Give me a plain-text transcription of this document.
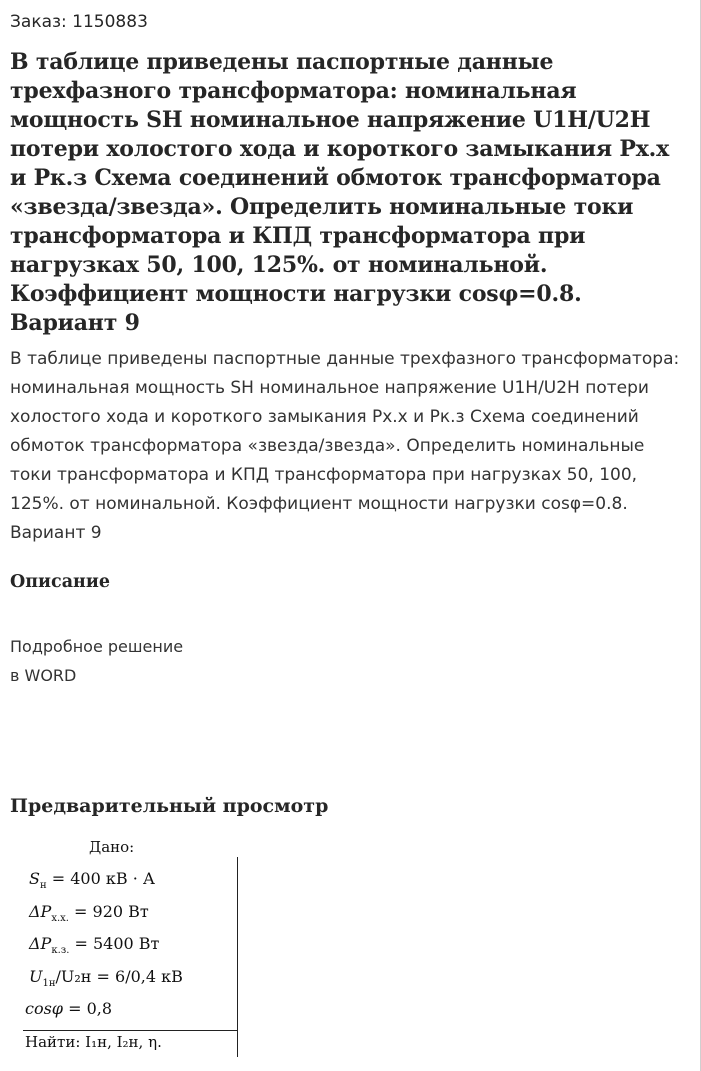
Заказ: 1150883
В таблице приведены паспортные данные трехфазного трансформатора: номинальная мощность SН номинальное напряжение U1Н/U2Н потери холостого хода и короткого замыкания Рх.х и Рк.з Схема соединений обмоток трансформатора «звезда/звезда». Определить номинальные токи трансформатора и КПД трансформатора при нагрузках 50, 100, 125%. от номинальной. Коэффициент мощности нагрузки cosφ=0.8. Вариант 9

В таблице приведены паспортные данные трехфазного трансформатора: номинальная мощность SН номинальное напряжение U1Н/U2Н потери холостого хода и короткого замыкания Рх.х и Рк.з Схема соединений обмоток трансформатора «звезда/звезда». Определить номинальные токи трансформатора и КПД трансформатора при нагрузках 50, 100, 125%. от номинальной. Коэффициент мощности нагрузки cosφ=0.8. Вариант 9

Описание
Подробное решение
в WORD
Предварительный просмотр
Дано:
$S_н = 400$ кВ · А
$\Delta P_{х.х.} = 920$ Вт
$\Delta P_{к.з.} = 5400$ Вт
$U_{1н}$/U₂н = 6/0,4 кВ
cosφ = 0,8
Найти: I₁н, I₂н, η.
